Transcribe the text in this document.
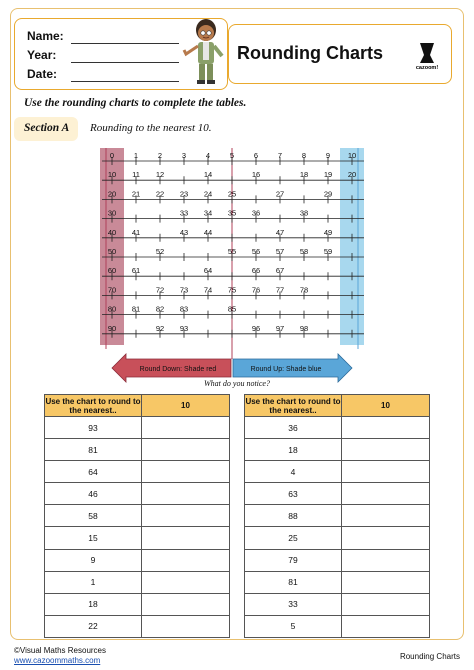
Name:
Year:
Date:
Rounding Charts
cazoom!
Use the rounding charts to complete the tables.
Section A Rounding to the nearest 10.
0	1	2	3	4	5	6	7	8	9 10
10 11 12	14	16	18 19 20
20 21 22 23 24 25	27	29
30	33 34 35 36	38
40 41	43 44	47	49
50	52	55 56 57 58 59
60 61	64	66 67
70	72 73 74 75 76 77 78
80 81 82 83	85
90	92 93	96 97 98
Round Down: Shade red	Round Up: Shade blue
What do you notice?
Use the chart to round to the nearest..	10
93	
81	
64	
46	
58	
15	
9	
1	
18	
22	
Use the chart to round to the nearest..	10
36	
18	
4	
63	
88	
25	
79	
81	
33	
5	
©Visual Maths Resources
www.cazoommaths.com	Rounding Charts
